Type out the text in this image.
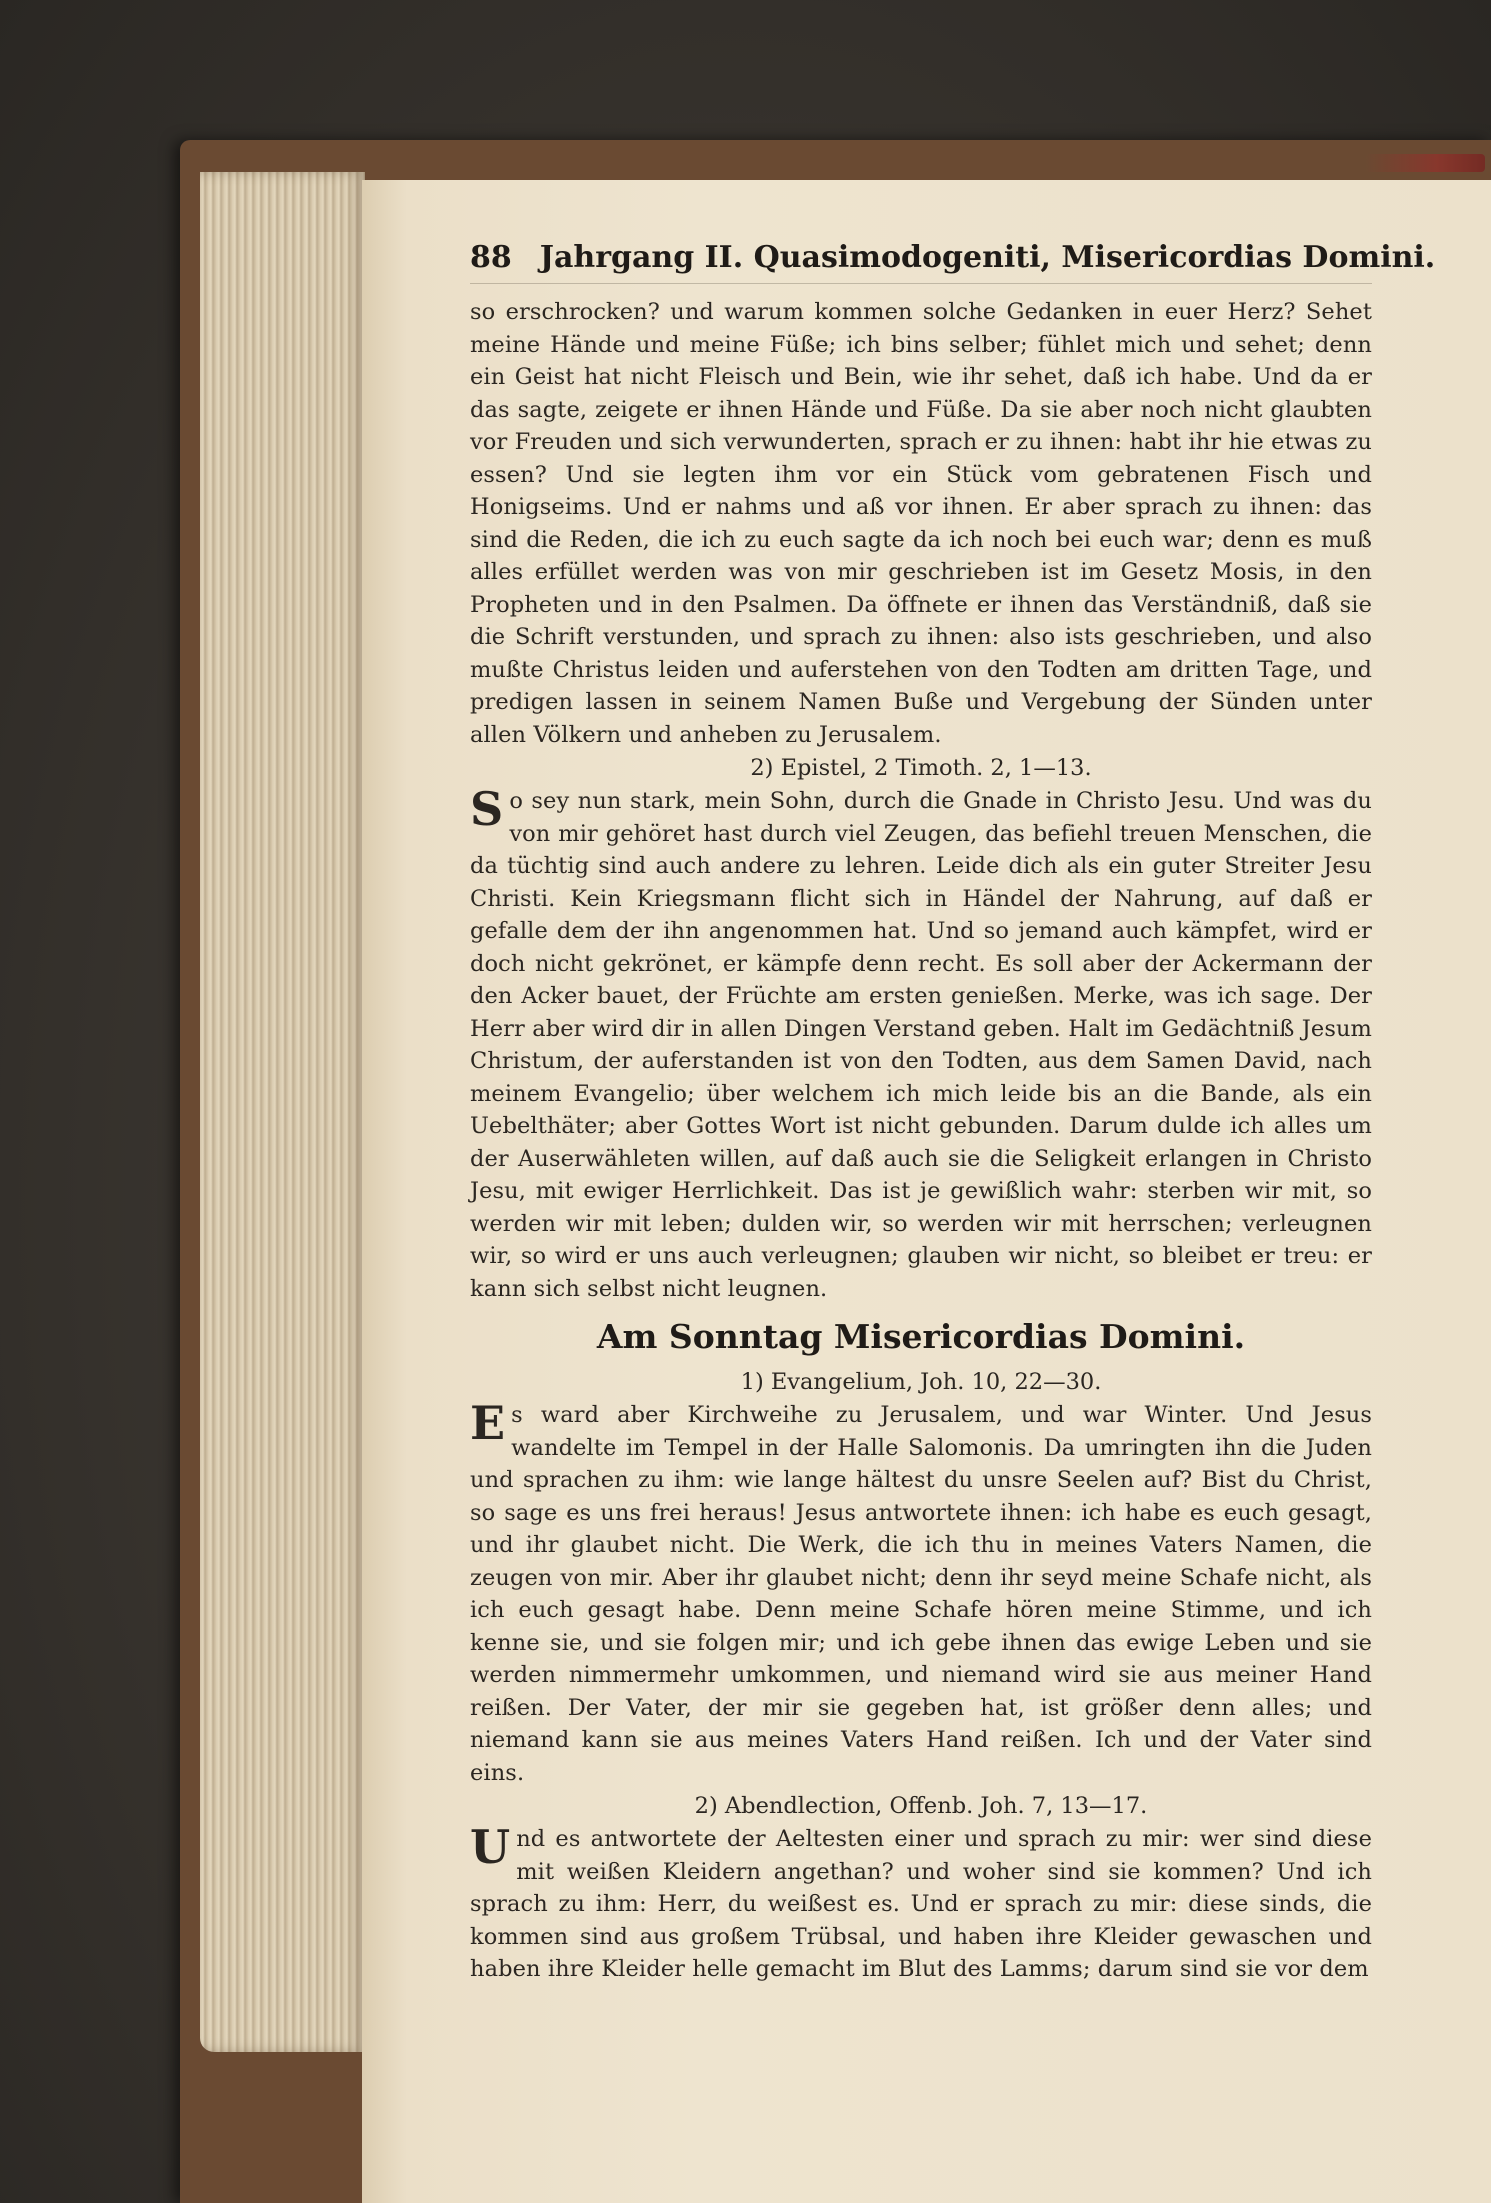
88 Jahrgang II. Quasimodogeniti, Misericordias Domini.

so erschrocken? und warum kommen solche Gedanken in euer Herz? Sehet meine Hände und meine Füße; ich bins selber; fühlet mich und sehet; denn ein Geist hat nicht Fleisch und Bein, wie ihr sehet, daß ich habe. Und da er das sagte, zeigete er ihnen Hände und Füße. Da sie aber noch nicht glaubten vor Freuden und sich verwunderten, sprach er zu ihnen: habt ihr hie etwas zu essen? Und sie legten ihm vor ein Stück vom gebratenen Fisch und Honigseims. Und er nahms und aß vor ihnen. Er aber sprach zu ihnen: das sind die Reden, die ich zu euch sagte da ich noch bei euch war; denn es muß alles erfüllet werden was von mir geschrieben ist im Gesetz Mosis, in den Propheten und in den Psalmen. Da öffnete er ihnen das Verständniß, daß sie die Schrift verstunden, und sprach zu ihnen: also ists geschrieben, und also mußte Christus leiden und auferstehen von den Todten am dritten Tage, und predigen lassen in seinem Namen Buße und Vergebung der Sünden unter allen Völkern und anheben zu Jerusalem.

2) Epistel, 2 Timoth. 2, 1—13.

So sey nun stark, mein Sohn, durch die Gnade in Christo Jesu. Und was du von mir gehöret hast durch viel Zeugen, das befiehl treuen Menschen, die da tüchtig sind auch andere zu lehren. Leide dich als ein guter Streiter Jesu Christi. Kein Kriegsmann flicht sich in Händel der Nahrung, auf daß er gefalle dem der ihn angenommen hat. Und so jemand auch kämpfet, wird er doch nicht gekrönet, er kämpfe denn recht. Es soll aber der Ackermann der den Acker bauet, der Früchte am ersten genießen. Merke, was ich sage. Der Herr aber wird dir in allen Dingen Verstand geben. Halt im Gedächtniß Jesum Christum, der auferstanden ist von den Todten, aus dem Samen David, nach meinem Evangelio; über welchem ich mich leide bis an die Bande, als ein Uebelthäter; aber Gottes Wort ist nicht gebunden. Darum dulde ich alles um der Auserwähleten willen, auf daß auch sie die Seligkeit erlangen in Christo Jesu, mit ewiger Herrlichkeit. Das ist je gewißlich wahr: sterben wir mit, so werden wir mit leben; dulden wir, so werden wir mit herrschen; verleugnen wir, so wird er uns auch verleugnen; glauben wir nicht, so bleibet er treu: er kann sich selbst nicht leugnen.

Am Sonntag Misericordias Domini.

1) Evangelium, Joh. 10, 22—30.

Es ward aber Kirchweihe zu Jerusalem, und war Winter. Und Jesus wandelte im Tempel in der Halle Salomonis. Da umringten ihn die Juden und sprachen zu ihm: wie lange hältest du unsre Seelen auf? Bist du Christ, so sage es uns frei heraus! Jesus antwortete ihnen: ich habe es euch gesagt, und ihr glaubet nicht. Die Werk, die ich thu in meines Vaters Namen, die zeugen von mir. Aber ihr glaubet nicht; denn ihr seyd meine Schafe nicht, als ich euch gesagt habe. Denn meine Schafe hören meine Stimme, und ich kenne sie, und sie folgen mir; und ich gebe ihnen das ewige Leben und sie werden nimmermehr umkommen, und niemand wird sie aus meiner Hand reißen. Der Vater, der mir sie gegeben hat, ist größer denn alles; und niemand kann sie aus meines Vaters Hand reißen. Ich und der Vater sind eins.

2) Abendlection, Offenb. Joh. 7, 13—17.

Und es antwortete der Aeltesten einer und sprach zu mir: wer sind diese mit weißen Kleidern angethan? und woher sind sie kommen? Und ich sprach zu ihm: Herr, du weißest es. Und er sprach zu mir: diese sinds, die kommen sind aus großem Trübsal, und haben ihre Kleider gewaschen und haben ihre Kleider helle gemacht im Blut des Lamms; darum sind sie vor dem
